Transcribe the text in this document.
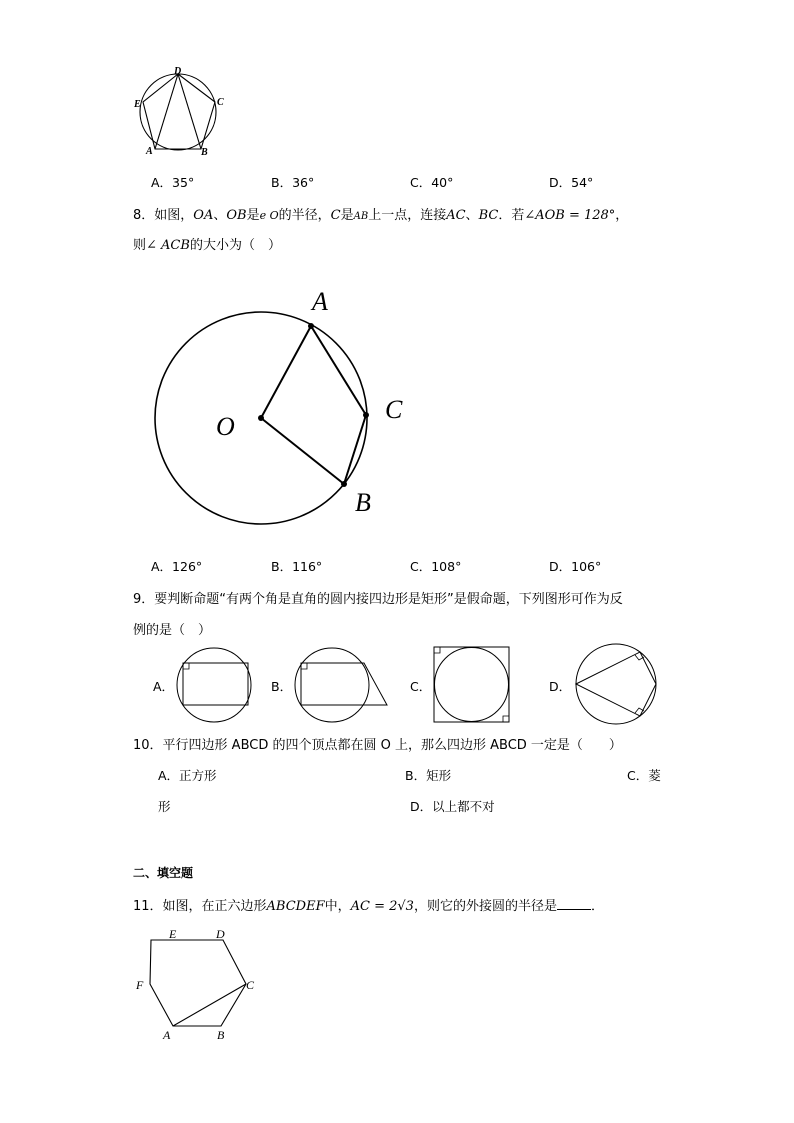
D
E	C
A	B
A．35°	B．36°	C．40°	D．54°
8．如图，OA、OB是e O的半径，C是AB上一点，连接AC、BC．若∠AOB = 128°，
则∠ ACB的大小为（　）
A
C
O
B
A．126°	B．116°	C．108°	D．106°
9．要判断命题“有两个角是直角的圆内接四边形是矩形”是假命题，下列图形可作为反
例的是（　）
A．	B．	C．	D．
10．平行四边形 ABCD 的四个顶点都在圆 O 上，那么四边形 ABCD 一定是（　　）
A．正方形	B．矩形	C．菱
形	D．以上都不对
二、填空题
11．如图，在正六边形ABCDEF中，AC = 2√3，则它的外接圆的半径是	．
E	D
F	C
A	B
